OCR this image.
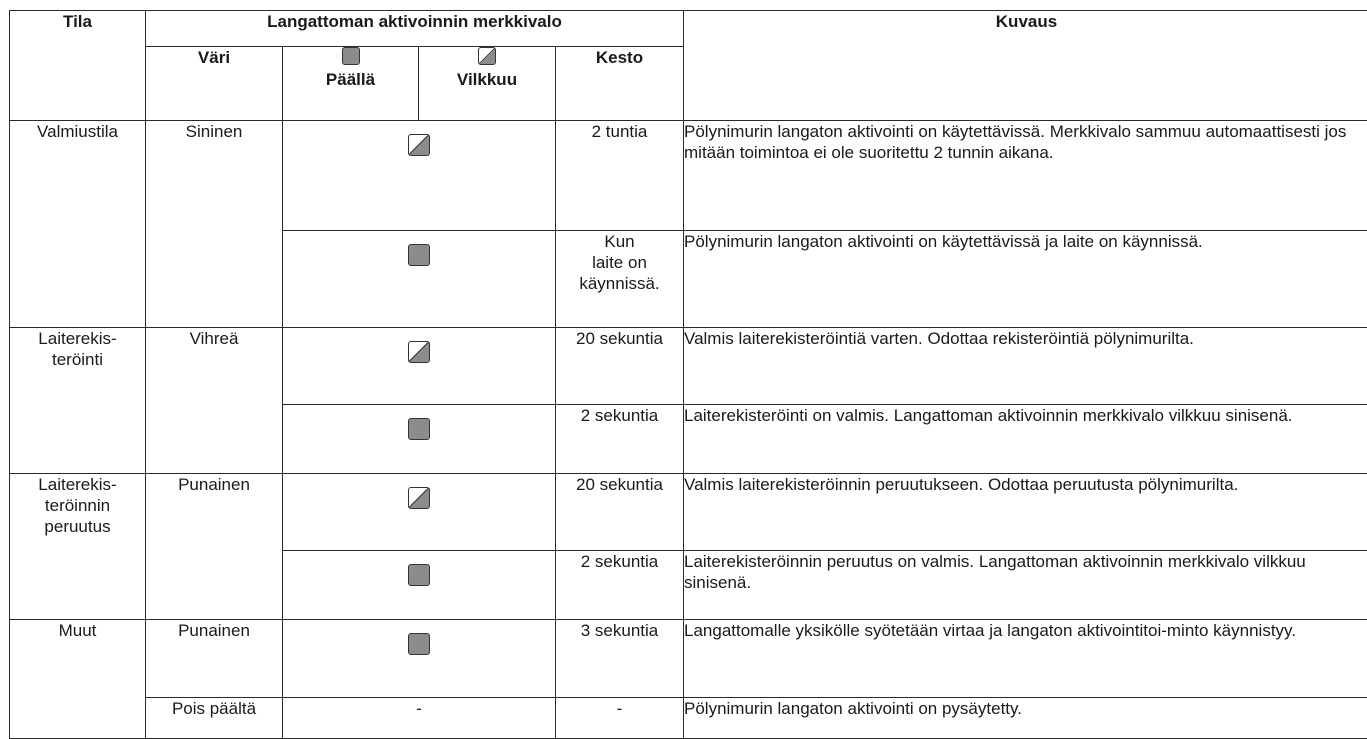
Tila	Langattoman aktivoinnin merkkivalo				Kuvaus
	Väri	Päällä	Vilkkuu	Kesto	
Valmiustila	Sininen			2 tuntia	Pölynimurin langaton aktivointi on käytettävissä. Merkkivalo sammuu automaattisesti jos mitään toimintoa ei ole suoritettu 2 tunnin aikana.
				Kun
laite on
käynnissä.	Pölynimurin langaton aktivointi on käytettävissä ja laite on käynnissä.
Laiterekis-
teröinti	Vihreä			20 sekuntia	Valmis laiterekisteröintiä varten. Odottaa rekisteröintiä pölynimurilta.
				2 sekuntia	Laiterekisteröinti on valmis. Langattoman aktivoinnin merkkivalo vilkkuu sinisenä.
Laiterekis-
teröinnin
peruutus	Punainen			20 sekuntia	Valmis laiterekisteröinnin peruutukseen. Odottaa peruutusta pölynimurilta.
				2 sekuntia	Laiterekisteröinnin peruutus on valmis. Langattoman aktivoinnin merkkivalo vilkkuu sinisenä.
Muut	Punainen			3 sekuntia	Langattomalle yksikölle syötetään virtaa ja langaton aktivointitoi-minto käynnistyy.
	Pois päältä	-		-	Pölynimurin langaton aktivointi on pysäytetty.
